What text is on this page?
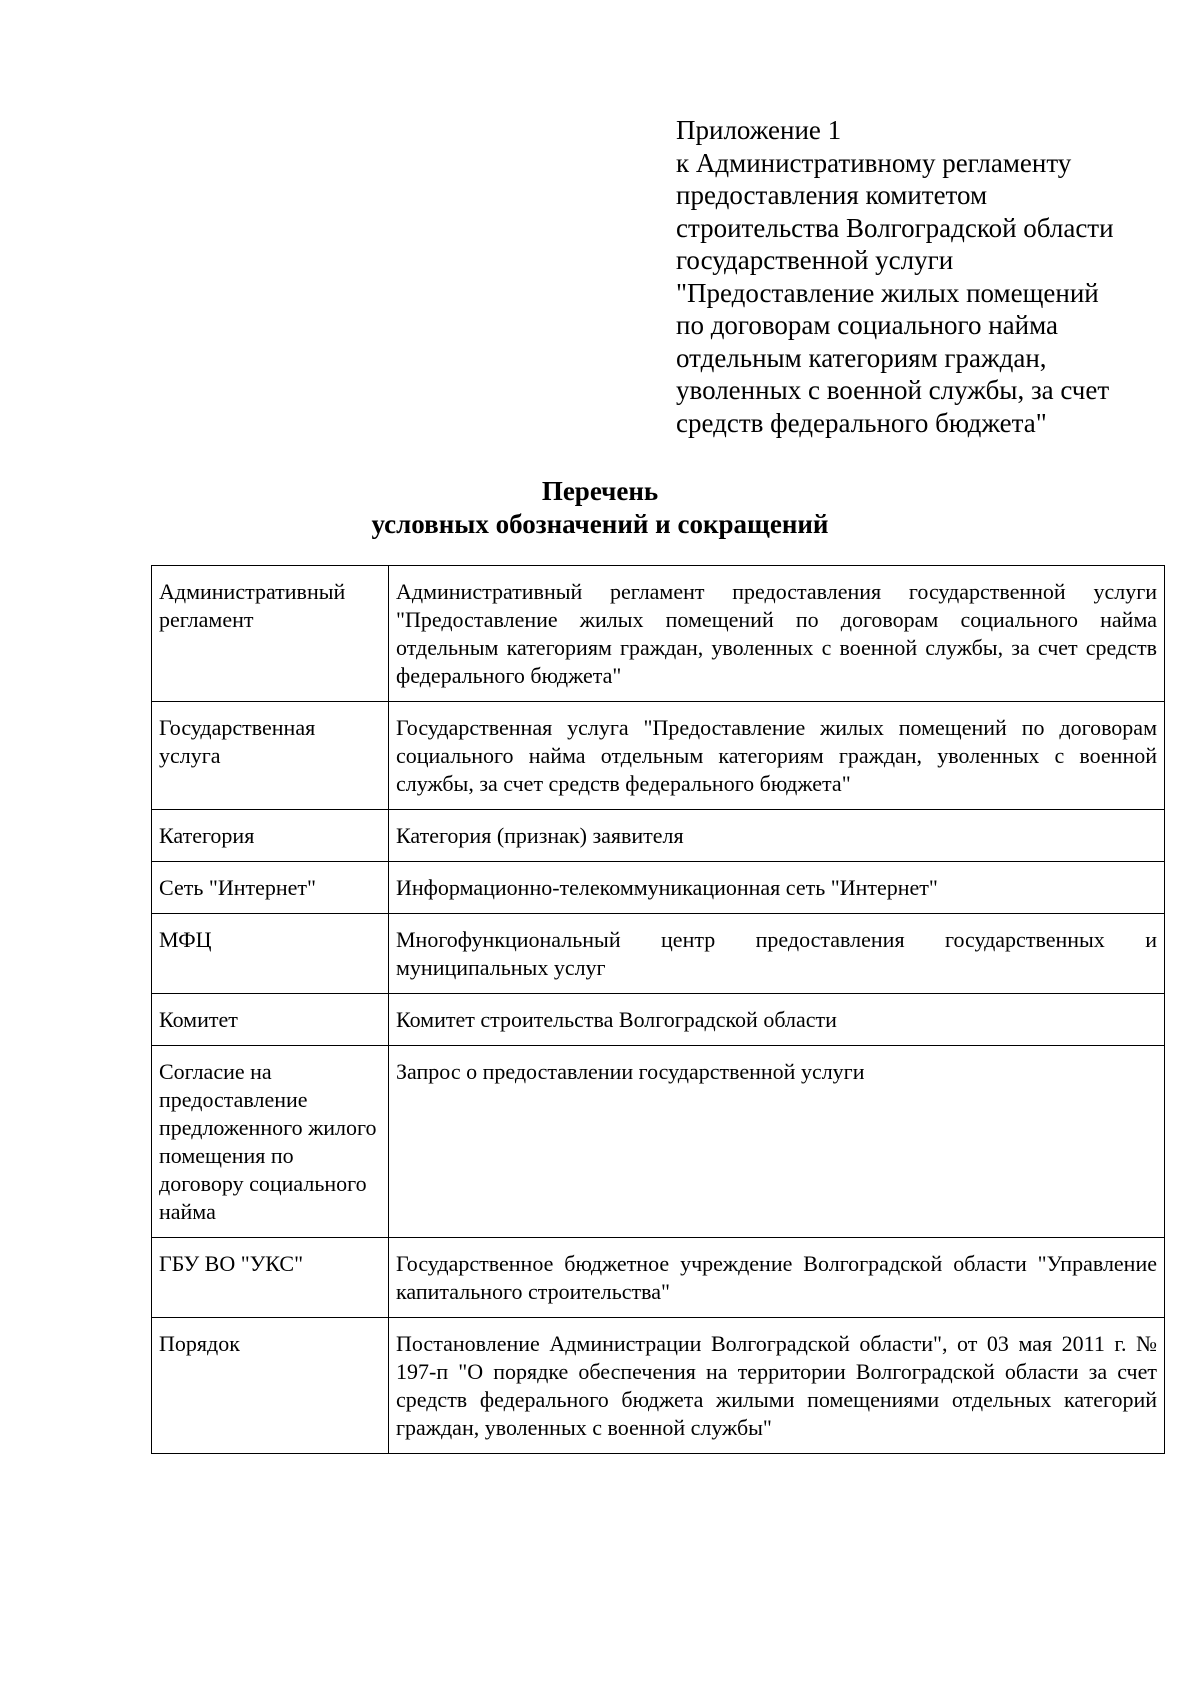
Приложение 1
к Административному регламенту
предоставления комитетом
строительства Волгоградской области
государственной услуги
"Предоставление жилых помещений
по договорам социального найма
отдельным категориям граждан,
уволенных с военной службы, за счет
средств федерального бюджета"
Перечень
условных обозначений и сокращений
Административный регламент	Административный регламент предоставления государственной услуги "Предоставление жилых помещений по договорам социального найма отдельным категориям граждан, уволенных с военной службы, за счет средств федерального бюджета"
Государственная услуга	Государственная услуга "Предоставление жилых помещений по договорам социального найма отдельным категориям граждан, уволенных с военной службы, за счет средств федерального бюджета"
Категория	Категория (признак) заявителя
Сеть "Интернет"	Информационно-телекоммуникационная сеть "Интернет"
МФЦ	Многофункциональный центр предоставления государственных и муниципальных услуг
Комитет	Комитет строительства Волгоградской области
Согласие на предоставление предложенного жилого помещения по договору социального найма	Запрос о предоставлении государственной услуги
ГБУ ВО "УКС"	Государственное бюджетное учреждение Волгоградской области "Управление капитального строительства"
Порядок	Постановление Администрации Волгоградской области", от 03 мая 2011 г. № 197-п "О порядке обеспечения на территории Волгоградской области за счет средств федерального бюджета жилыми помещениями отдельных категорий граждан, уволенных с военной службы"
